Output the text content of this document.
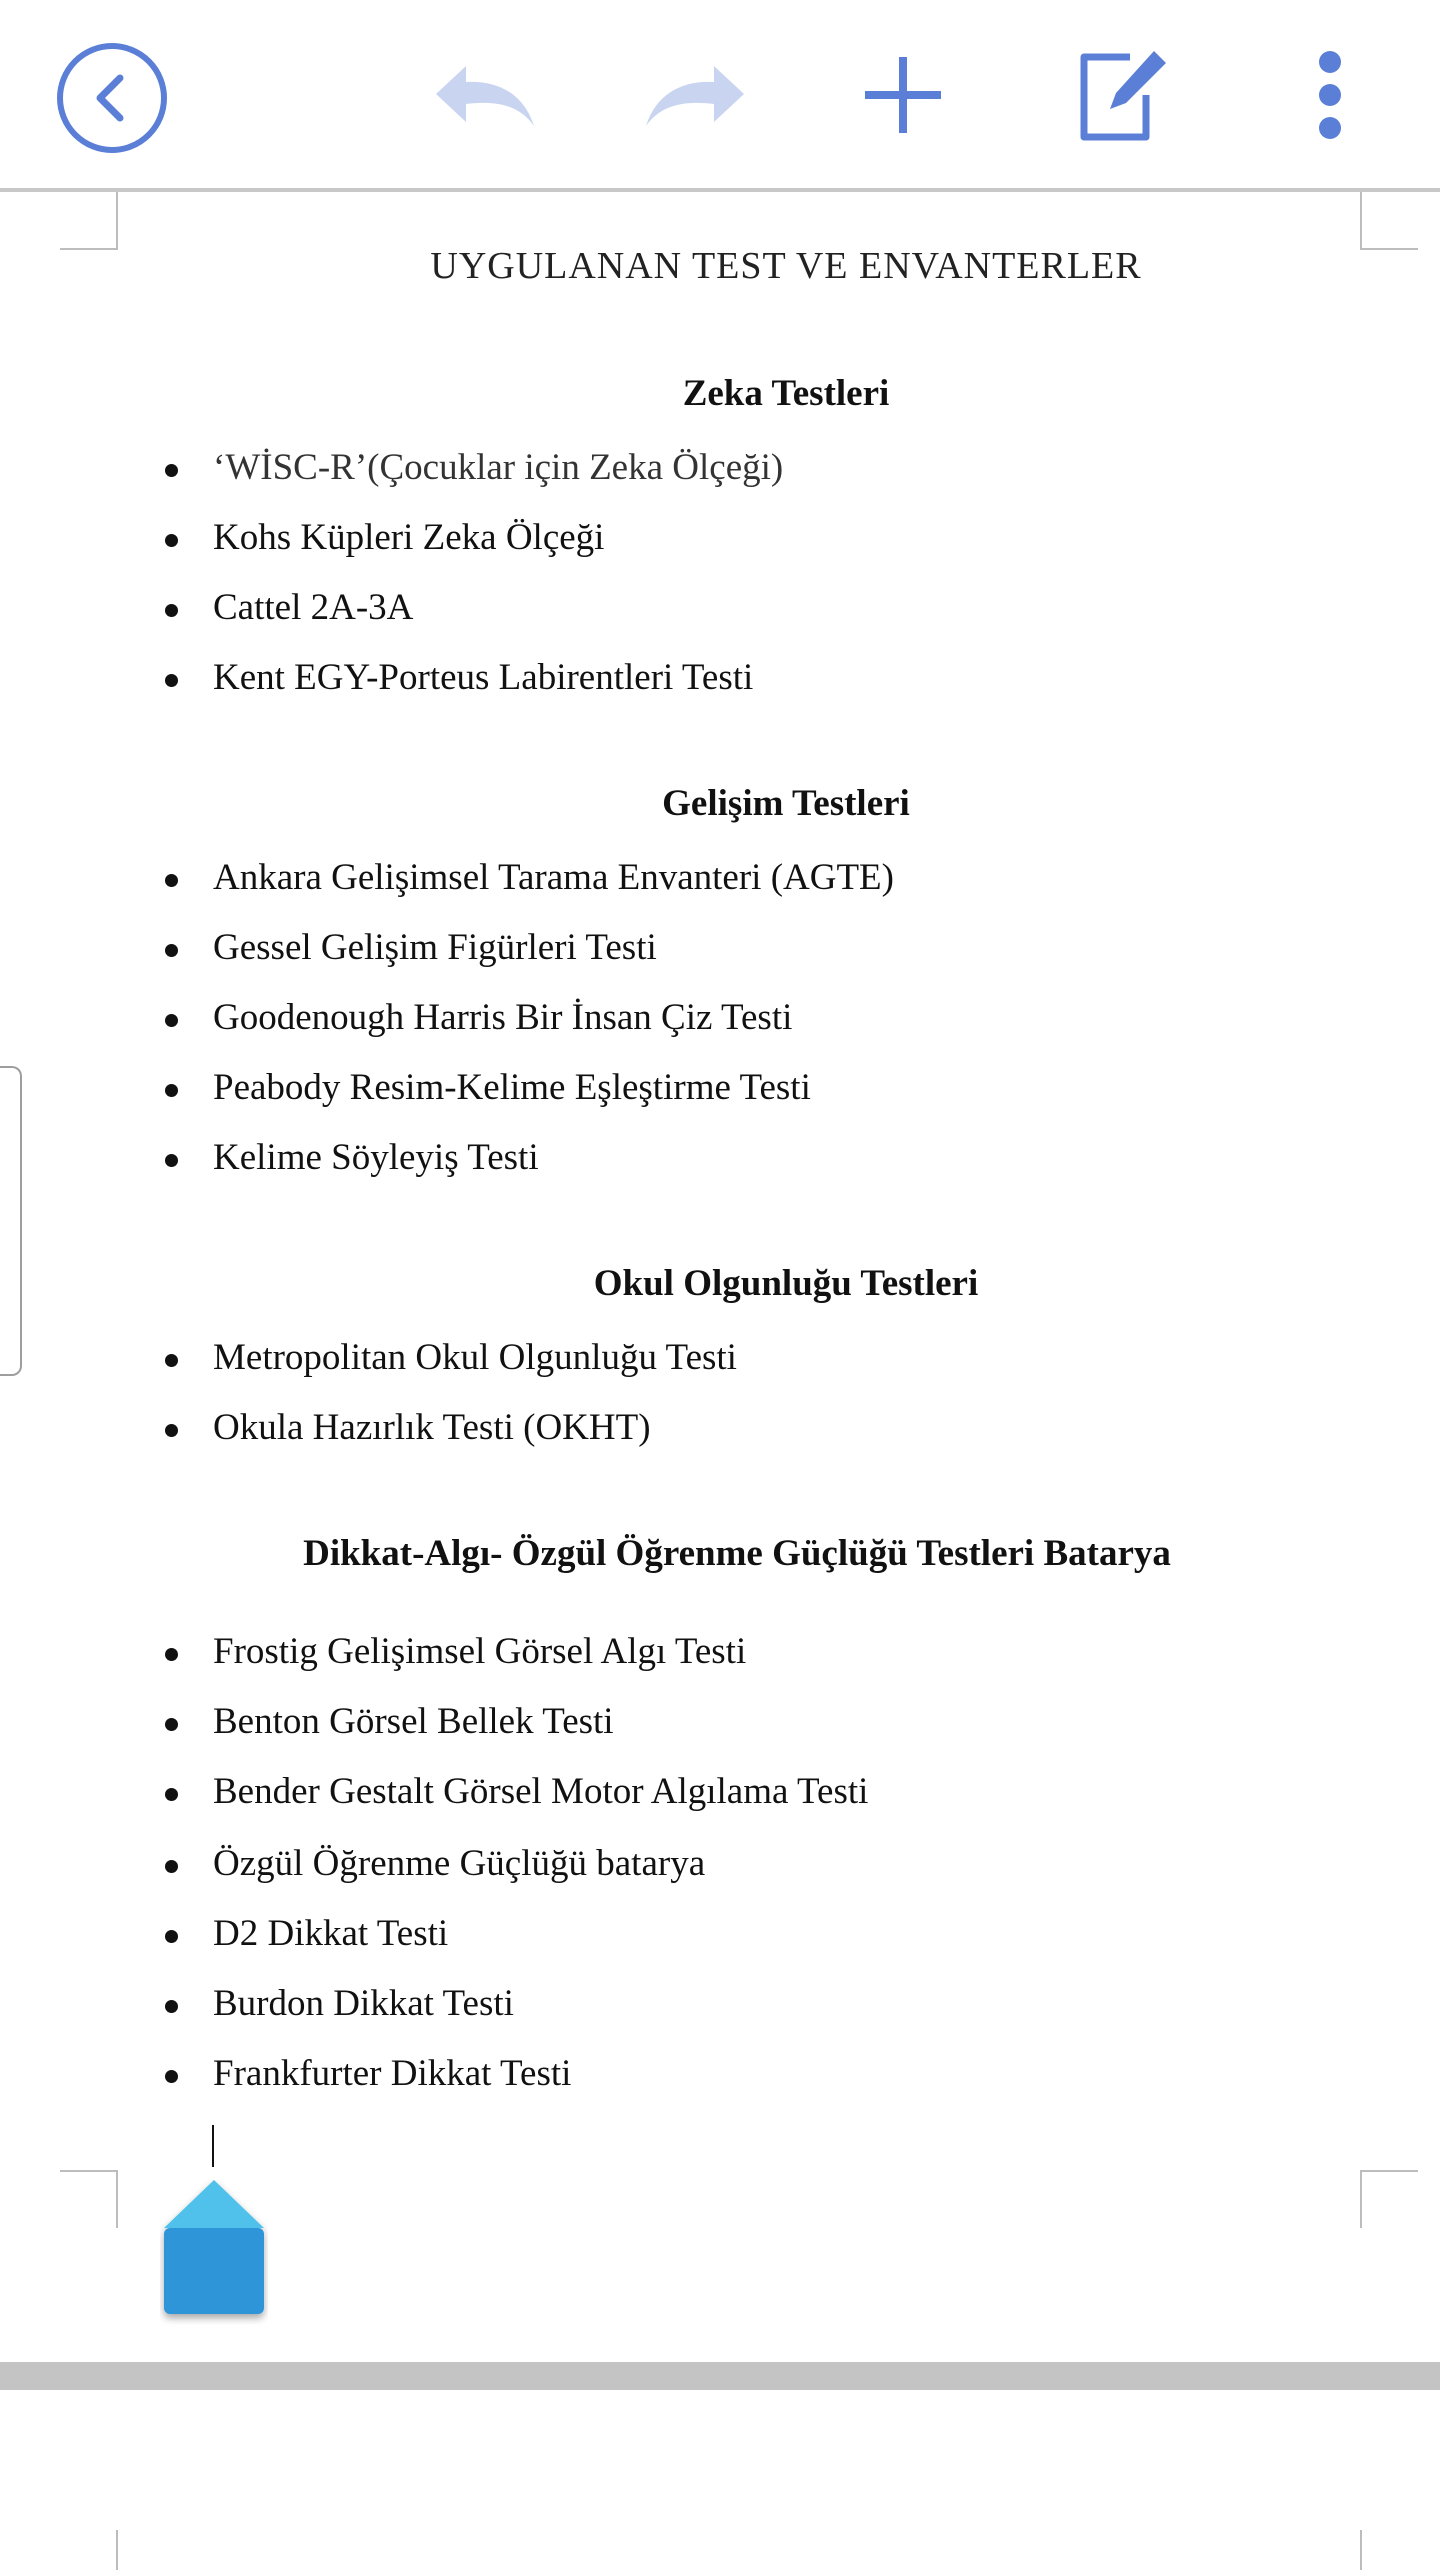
UYGULANAN TEST VE ENVANTERLER
Zeka Testleri
‘WİSC-R’(Çocuklar için Zeka Ölçeği)
Kohs Küpleri Zeka Ölçeği
Cattel 2A-3A
Kent EGY-Porteus Labirentleri Testi
Gelişim Testleri
Ankara Gelişimsel Tarama Envanteri (AGTE)
Gessel Gelişim Figürleri Testi
Goodenough Harris Bir İnsan Çiz Testi
Peabody Resim-Kelime Eşleştirme Testi
Kelime Söyleyiş Testi
Okul Olgunluğu Testleri
Metropolitan Okul Olgunluğu Testi
Okula Hazırlık Testi (OKHT)
Dikkat-Algı- Özgül Öğrenme Güçlüğü Testleri Batarya
Frostig Gelişimsel Görsel Algı Testi
Benton Görsel Bellek Testi
Bender Gestalt Görsel Motor Algılama Testi
Özgül Öğrenme Güçlüğü batarya
D2 Dikkat Testi
Burdon Dikkat Testi
Frankfurter Dikkat Testi
